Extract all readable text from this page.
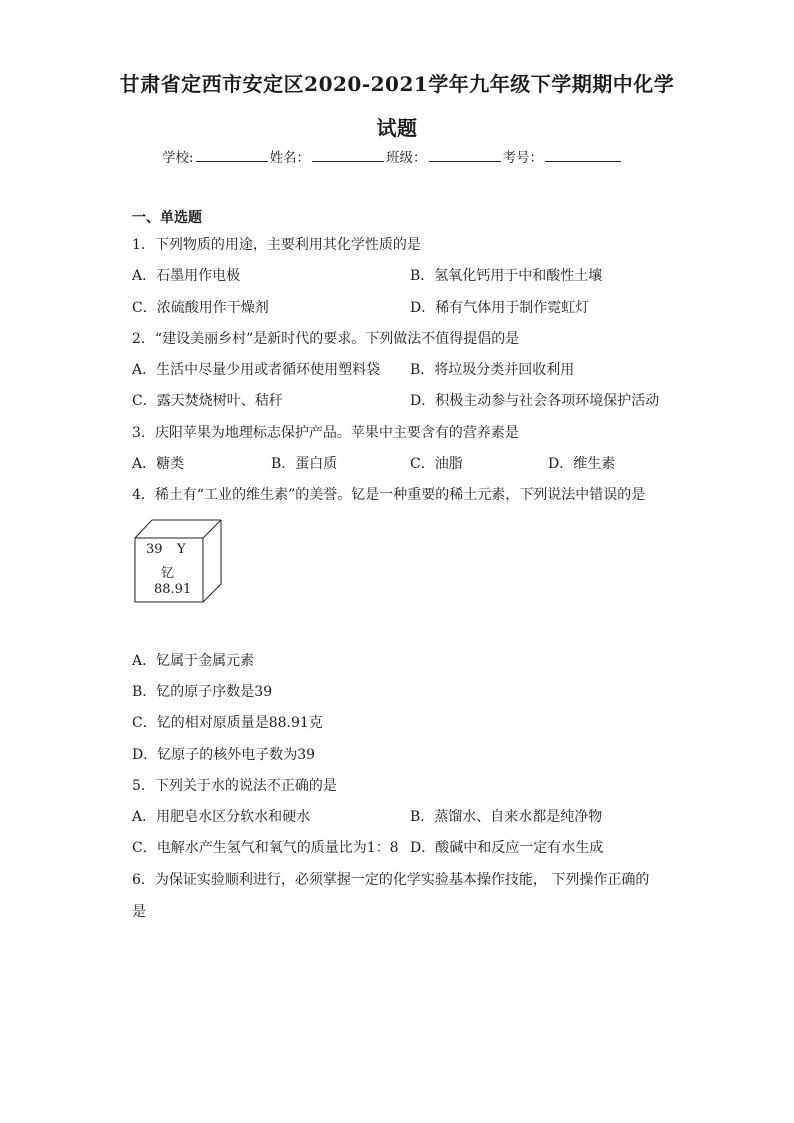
甘肃省定西市安定区2020-2021学年九年级下学期期中化学
试题
学校:	姓名：	班级：	考号：
一、单选题
1．下列物质的用途，主要利用其化学性质的是
A．石墨用作电极	B．氢氧化钙用于中和酸性土壤
C．浓硫酸用作干燥剂	D．稀有气体用于制作霓虹灯
2．“建设美丽乡村”是新时代的要求。下列做法不值得提倡的是
A．生活中尽量少用或者循环使用塑料袋 B．将垃圾分类并回收利用
C．露天焚烧树叶、秸秆	D．积极主动参与社会各项环境保护活动
3．庆阳苹果为地理标志保护产品。苹果中主要含有的营养素是
A．糖类	B．蛋白质	C．油脂	D．维生素
4．稀土有“工业的维生素”的美誉。钇是一种重要的稀土元素，下列说法中错误的是
39 Y
钇
88.91
A．钇属于金属元素
B．钇的原子序数是39
C．钇的相对原质量是88.91克
D．钇原子的核外电子数为39
5．下列关于水的说法不正确的是
A．用肥皂水区分软水和硬水	B．蒸馏水、自来水都是纯净物
C．电解水产生氢气和氧气的质量比为1：8 D．酸碱中和反应一定有水生成
6．为保证实验顺利进行，必须掌握一定的化学实验基本操作技能， 下列操作正确的
是
